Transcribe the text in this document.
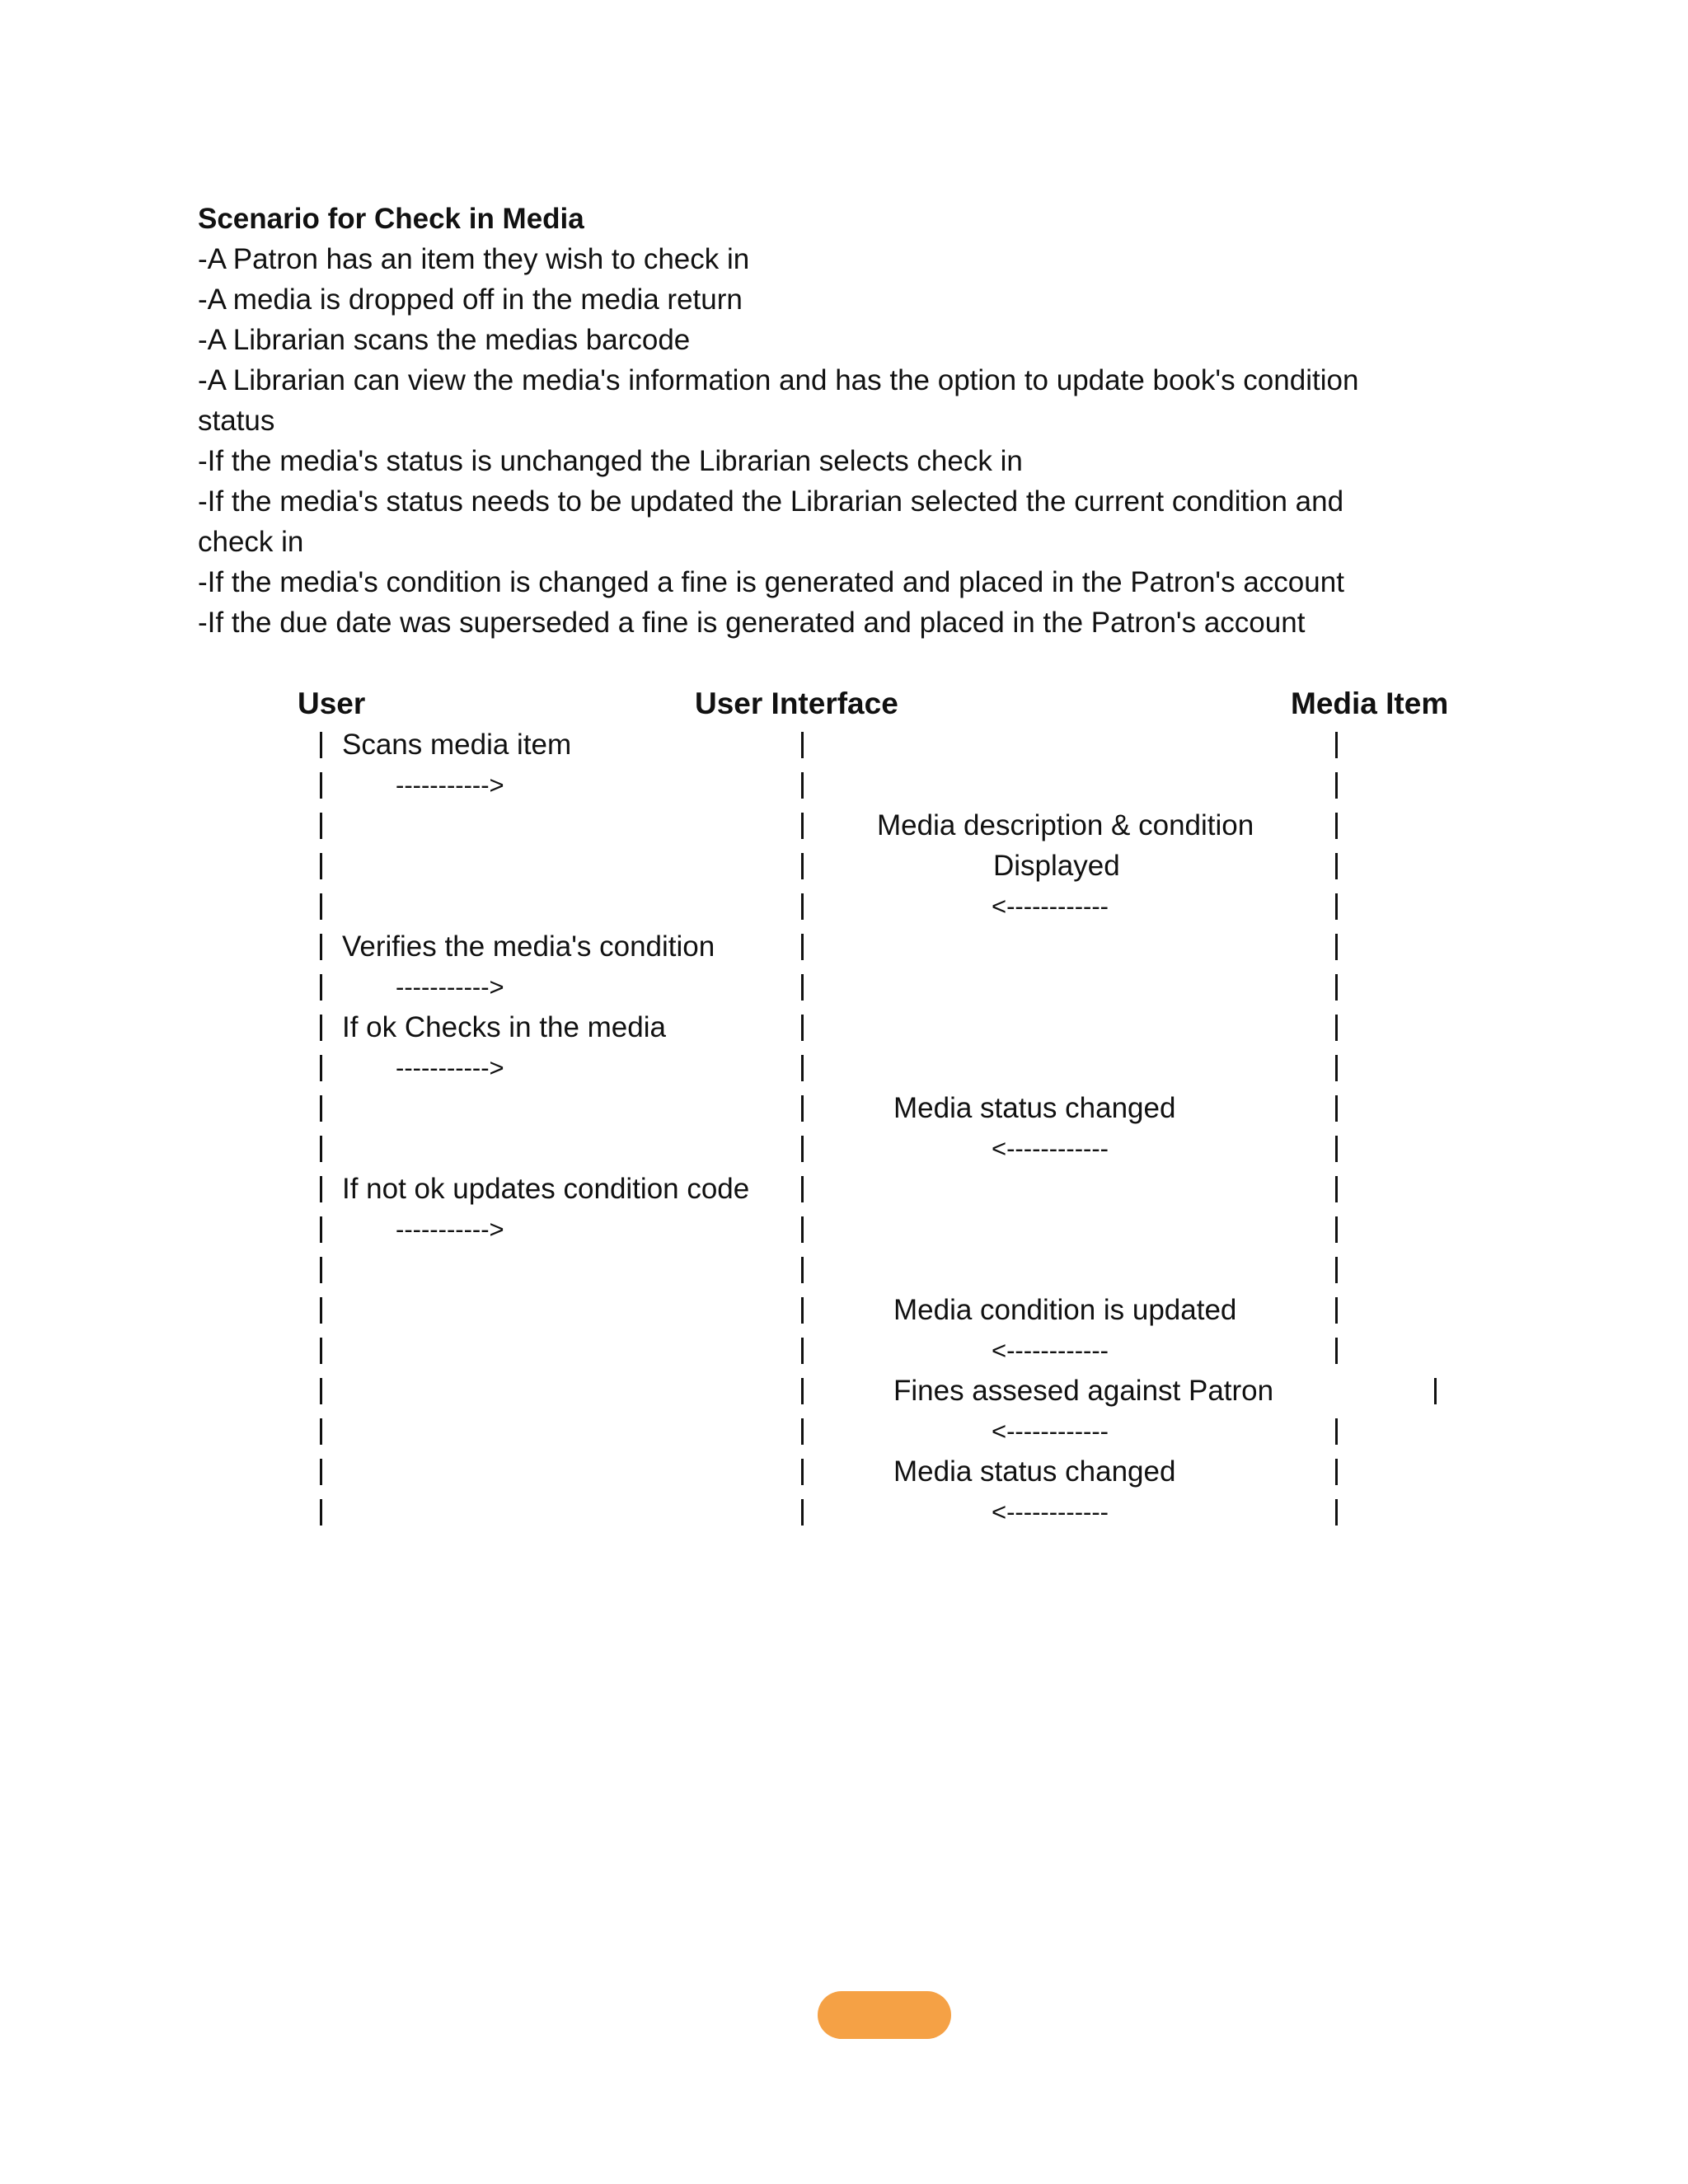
Scenario for Check in Media
-A Patron has an item they wish to check in
-A media is dropped off in the media return
-A Librarian scans the medias barcode
-A Librarian can view the media's information and has the option to update book's condition
status
-If the media's status is unchanged the Librarian selects check in
-If the media's status needs to be updated the Librarian selected the current condition and
check in
-If the media's condition is changed a fine is generated and placed in the Patron's account
-If the due date was superseded a fine is generated and placed in the Patron's account
User	User Interface	Media Item
Scans media item
----------->
Media description & condition
Displayed
<------------
Verifies the media's condition
----------->
If ok Checks in the media
----------->
Media status changed
<------------
If not ok updates condition code
----------->
Media condition is updated
<------------
Fines assesed against Patron
<------------
Media status changed
<------------
